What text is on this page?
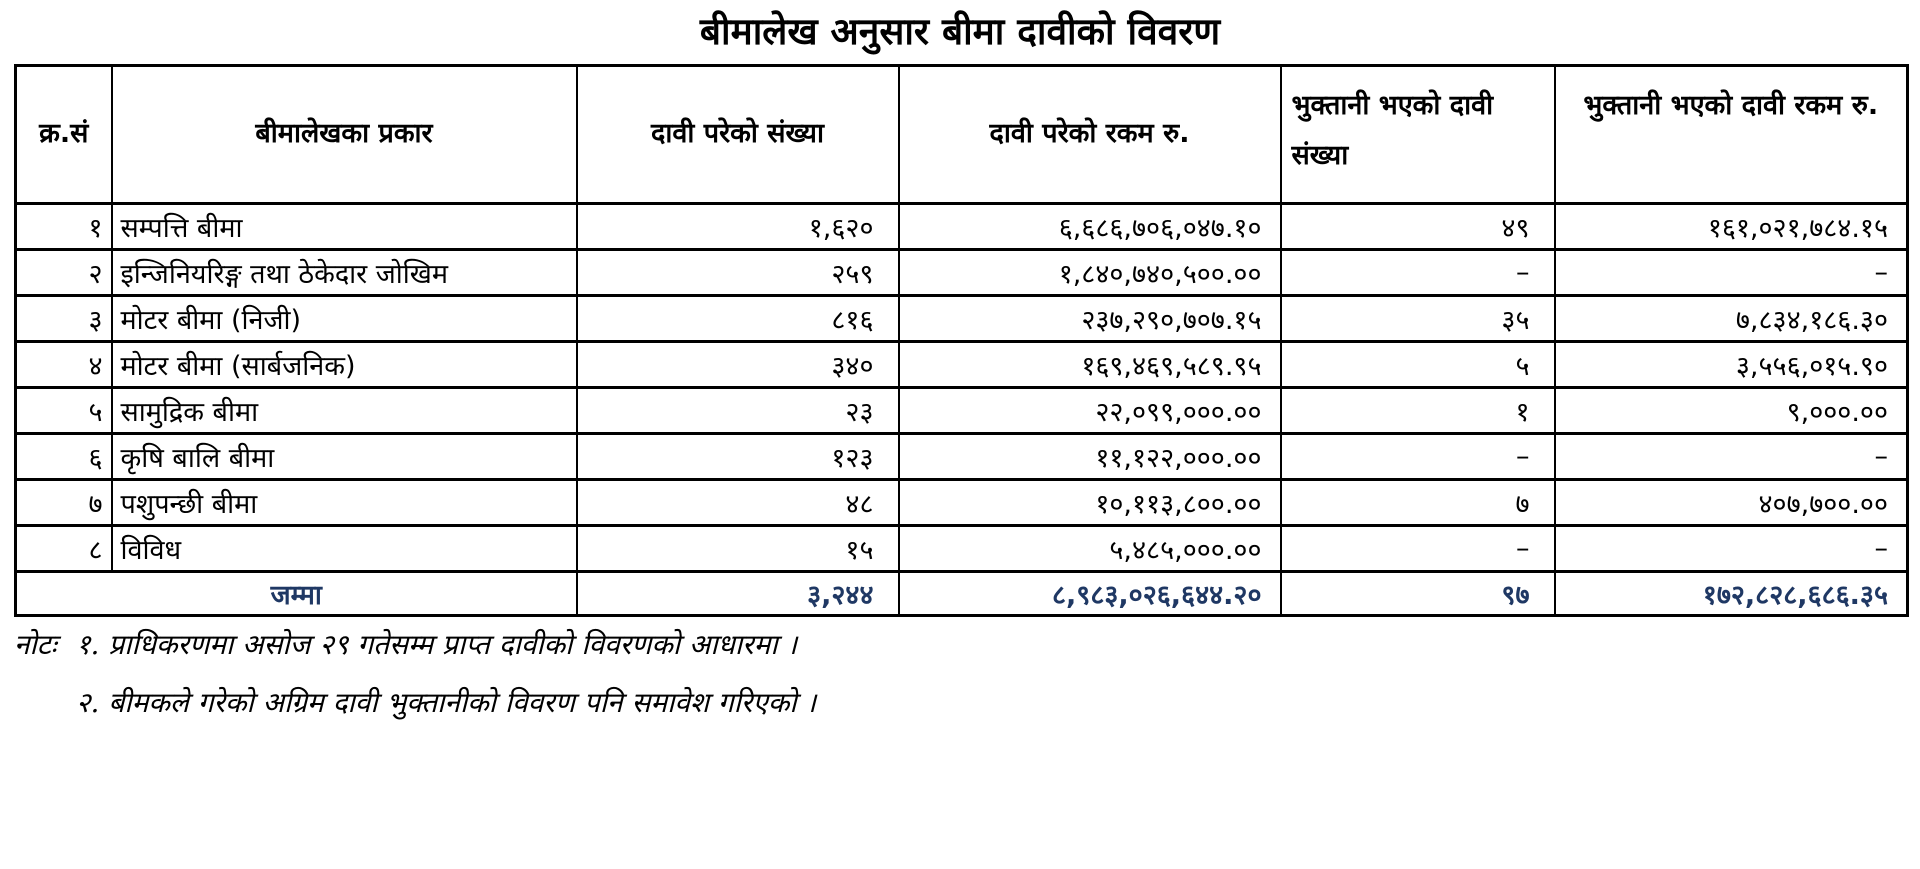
बीमालेख अनुसार बीमा दावीको विवरण
क्र.सं	बीमालेखका प्रकार	दावी परेको संख्या	दावी परेको रकम रु.	भुक्तानी भएको दावी संख्या	भुक्तानी भएको दावी रकम रु.
१	सम्पत्ति बीमा	१,६२०	६,६८६,७०६,०४७.१०	४९	१६१,०२१,७८४.१५
२	इन्जिनियरिङ्ग तथा ठेकेदार जोखिम	२५९	१,८४०,७४०,५००.००	–	–
३	मोटर बीमा (निजी)	८१६	२३७,२९०,७०७.१५	३५	७,८३४,१८६.३०
४	मोटर बीमा (सार्बजनिक)	३४०	१६९,४६९,५८९.९५	५	३,५५६,०१५.९०
५	सामुद्रिक बीमा	२३	२२,०९९,०००.००	१	९,०००.००
६	कृषि बालि बीमा	१२३	११,१२२,०००.००	–	–
७	पशुपन्छी बीमा	४८	१०,११३,८००.००	७	४०७,७००.००
८	विविध	१५	५,४८५,०००.००	–	–
जम्मा		३,२४४	८,९८३,०२६,६४४.२०	९७	१७२,८२८,६८६.३५
नोटः १. प्राधिकरणमा असोज २९ गतेसम्म प्राप्त दावीको विवरणको आधारमा ।
२. बीमकले गरेको अग्रिम दावी भुक्तानीको विवरण पनि समावेश गरिएको ।
